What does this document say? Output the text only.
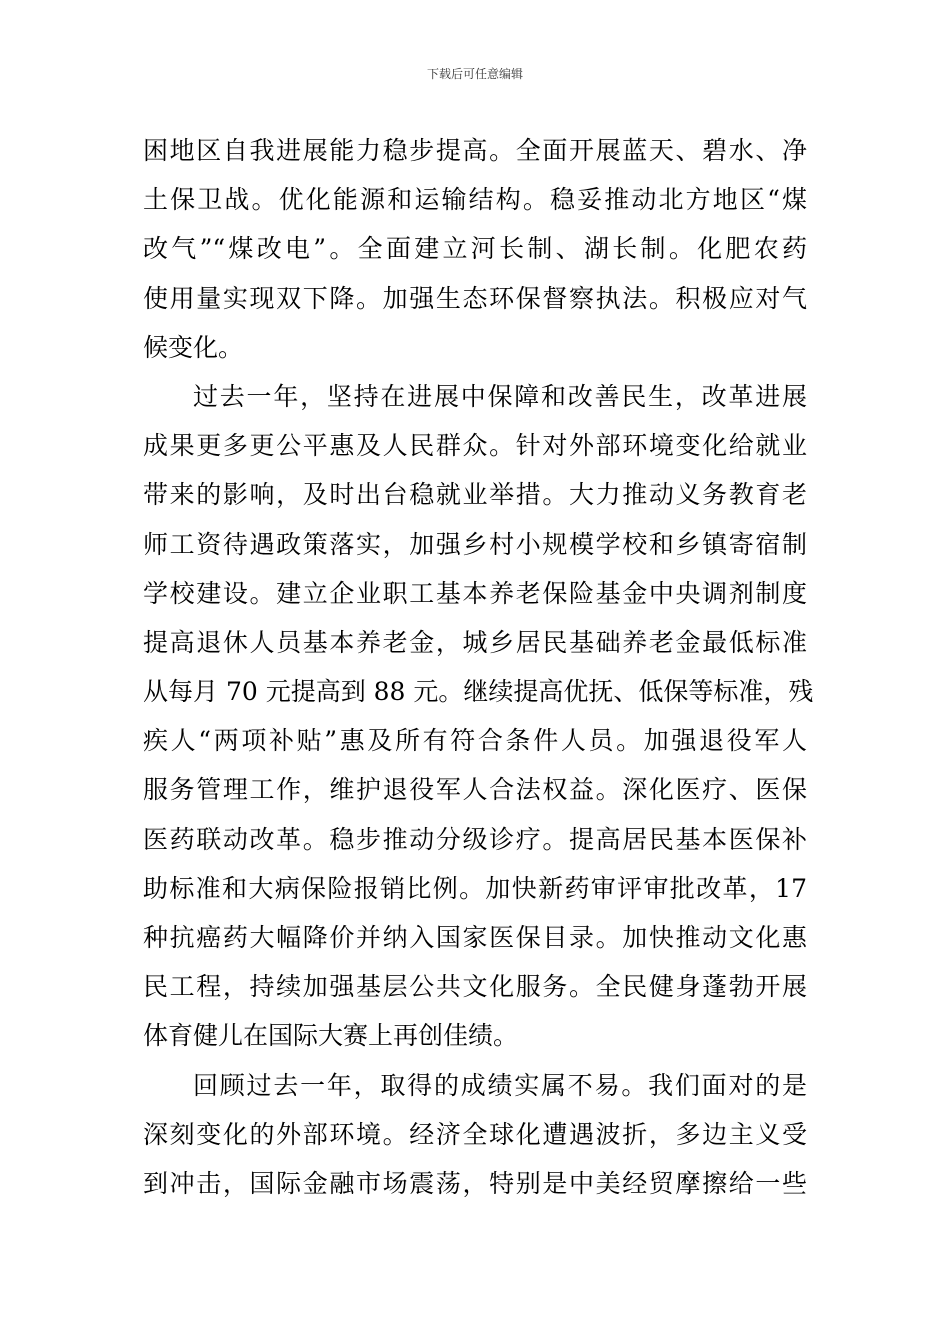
下载后可任意编辑
困地区自我进展能力稳步提高。全面开展蓝天、碧水、净
土保卫战。优化能源和运输结构。稳妥推动北方地区“煤
改气”“煤改电”。全面建立河长制、湖长制。化肥农药
使用量实现双下降。加强生态环保督察执法。积极应对气
候变化。
过去一年，坚持在进展中保障和改善民生，改革进展
成果更多更公平惠及人民群众。针对外部环境变化给就业
带来的影响，及时出台稳就业举措。大力推动义务教育老
师工资待遇政策落实，加强乡村小规模学校和乡镇寄宿制
学校建设。建立企业职工基本养老保险基金中央调剂制度
提高退休人员基本养老金，城乡居民基础养老金最低标准
从每月 70 元提高到 88 元。继续提高优抚、低保等标准，残
疾人“两项补贴”惠及所有符合条件人员。加强退役军人
服务管理工作，维护退役军人合法权益。深化医疗、医保
医药联动改革。稳步推动分级诊疗。提高居民基本医保补
助标准和大病保险报销比例。加快新药审评审批改革，17
种抗癌药大幅降价并纳入国家医保目录。加快推动文化惠
民工程，持续加强基层公共文化服务。全民健身蓬勃开展
体育健儿在国际大赛上再创佳绩。
回顾过去一年，取得的成绩实属不易。我们面对的是
深刻变化的外部环境。经济全球化遭遇波折，多边主义受
到冲击，国际金融市场震荡，特别是中美经贸摩擦给一些
